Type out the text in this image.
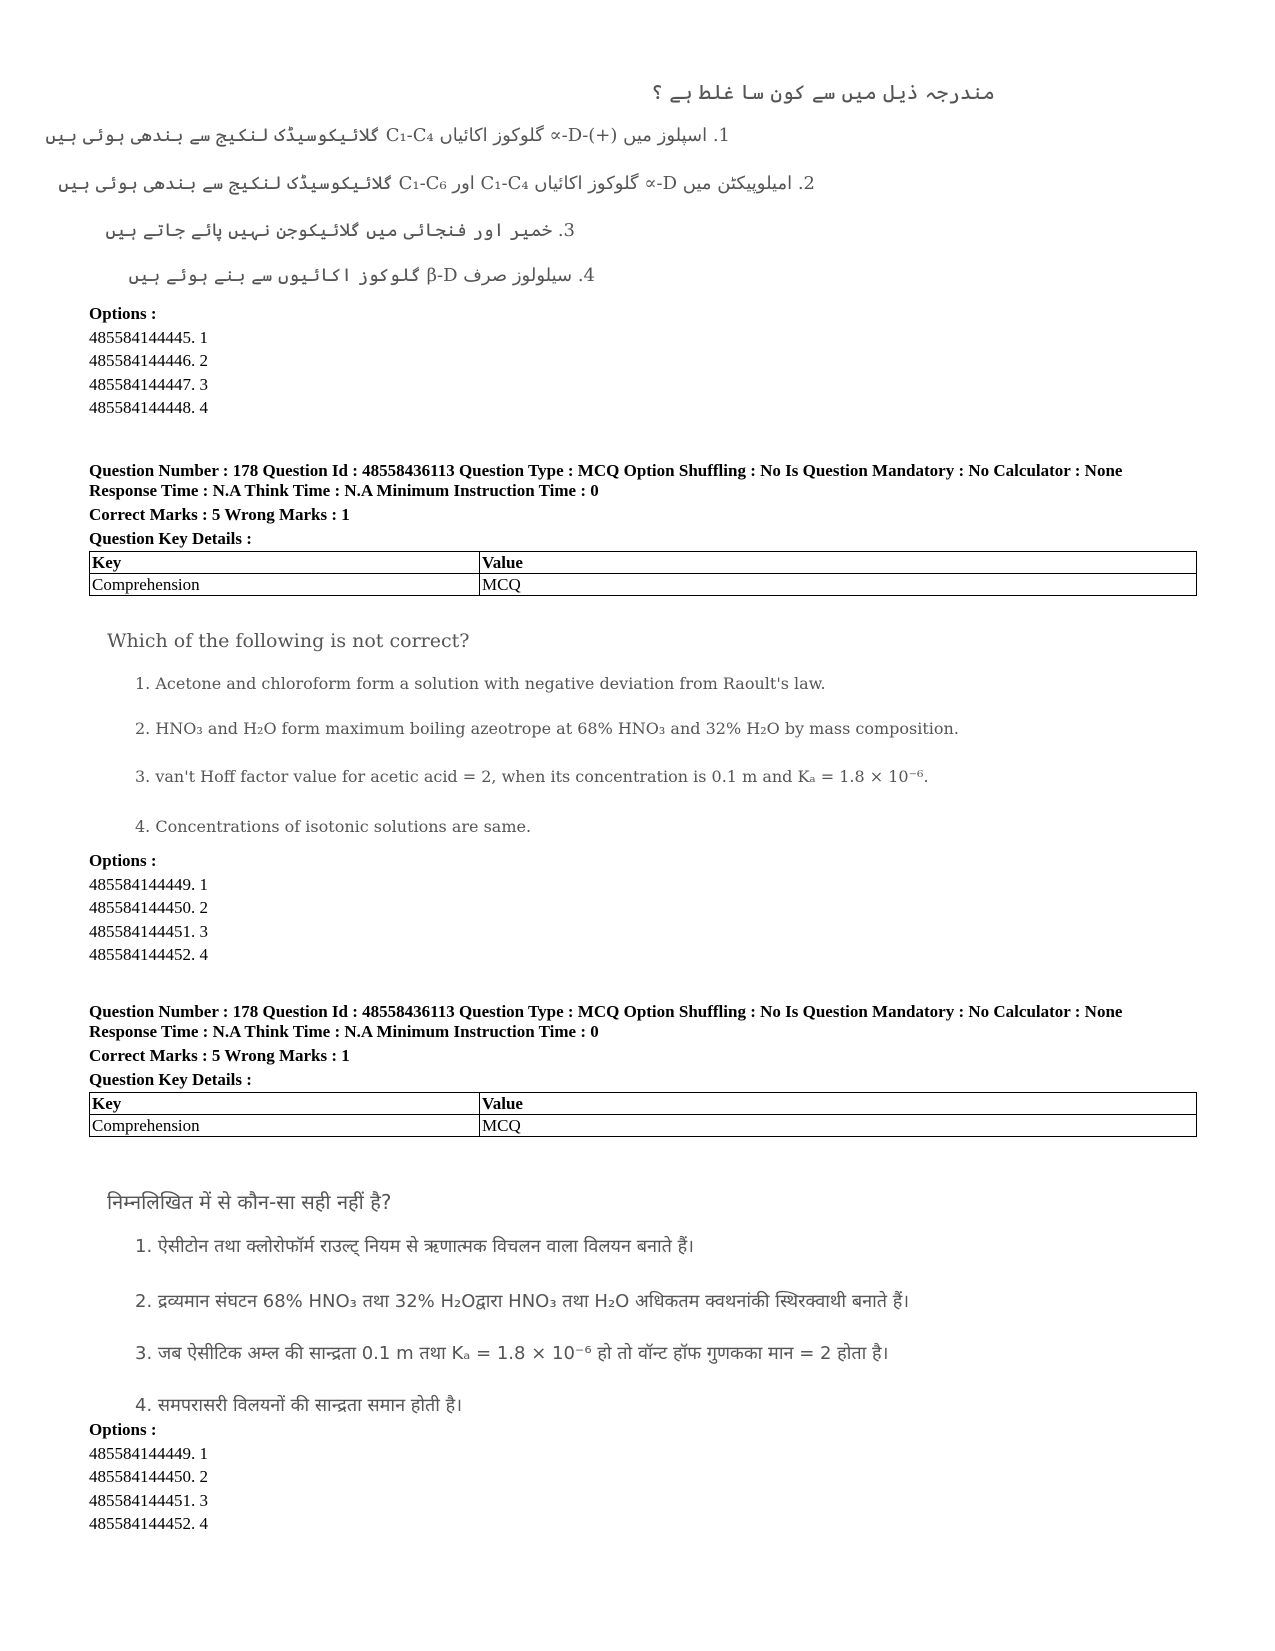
مندرجہ ذیل میں سے کون سا غلط ہے ؟
1. اسپلوز میں (+)-D-∝ گلوکوز اکائیاں C₁-C₄ گلائیکوسیڈک لنکیج سے بندھی ہوئی ہیں
2. امیلوپیکٹن میں D-∝ گلوکوز اکائیاں C₁-C₄ اور C₁-C₆ گلائیکوسیڈک لنکیج سے بندھی ہوئی ہیں
3. خمیر اور فنجائی میں گلائیکوجن نہیں پائے جاتے ہیں
4. سیلولوز صرف β-D گلوکوز اکائیوں سے بنے ہوئے ہیں
Options :
485584144445. 1
485584144446. 2
485584144447. 3
485584144448. 4
Question Number : 178 Question Id : 48558436113 Question Type : MCQ Option Shuffling : No Is Question Mandatory : No Calculator : None
Response Time : N.A Think Time : N.A Minimum Instruction Time : 0
Correct Marks : 5 Wrong Marks : 1
Question Key Details :
Key	Value
Comprehension	MCQ
Which of the following is not correct?
1. Acetone and chloroform form a solution with negative deviation from Raoult's law.
2. HNO₃ and H₂O form maximum boiling azeotrope at 68% HNO₃ and 32% H₂O by mass composition.
3. van't Hoff factor value for acetic acid = 2, when its concentration is 0.1 m and Kₐ = 1.8 × 10⁻⁶.
4. Concentrations of isotonic solutions are same.
Options :
485584144449. 1
485584144450. 2
485584144451. 3
485584144452. 4
Question Number : 178 Question Id : 48558436113 Question Type : MCQ Option Shuffling : No Is Question Mandatory : No Calculator : None
Response Time : N.A Think Time : N.A Minimum Instruction Time : 0
Correct Marks : 5 Wrong Marks : 1
Question Key Details :
Key	Value
Comprehension	MCQ
निम्नलिखित में से कौन-सा सही नहीं है?
1. ऐसीटोन तथा क्लोरोफॉर्म राउल्ट् नियम से ऋणात्मक विचलन वाला विलयन बनाते हैं।
2. द्रव्यमान संघटन 68% HNO₃ तथा 32% H₂Oद्वारा HNO₃ तथा H₂O अधिकतम क्वथनांकी स्थिरक्वाथी बनाते हैं।
3. जब ऐसीटिक अम्ल की सान्द्रता 0.1 m तथा Kₐ = 1.8 × 10⁻⁶ हो तो वॉन्ट हॉफ गुणकका मान = 2 होता है।
4. समपरासरी विलयनों की सान्द्रता समान होती है।
Options :
485584144449. 1
485584144450. 2
485584144451. 3
485584144452. 4
